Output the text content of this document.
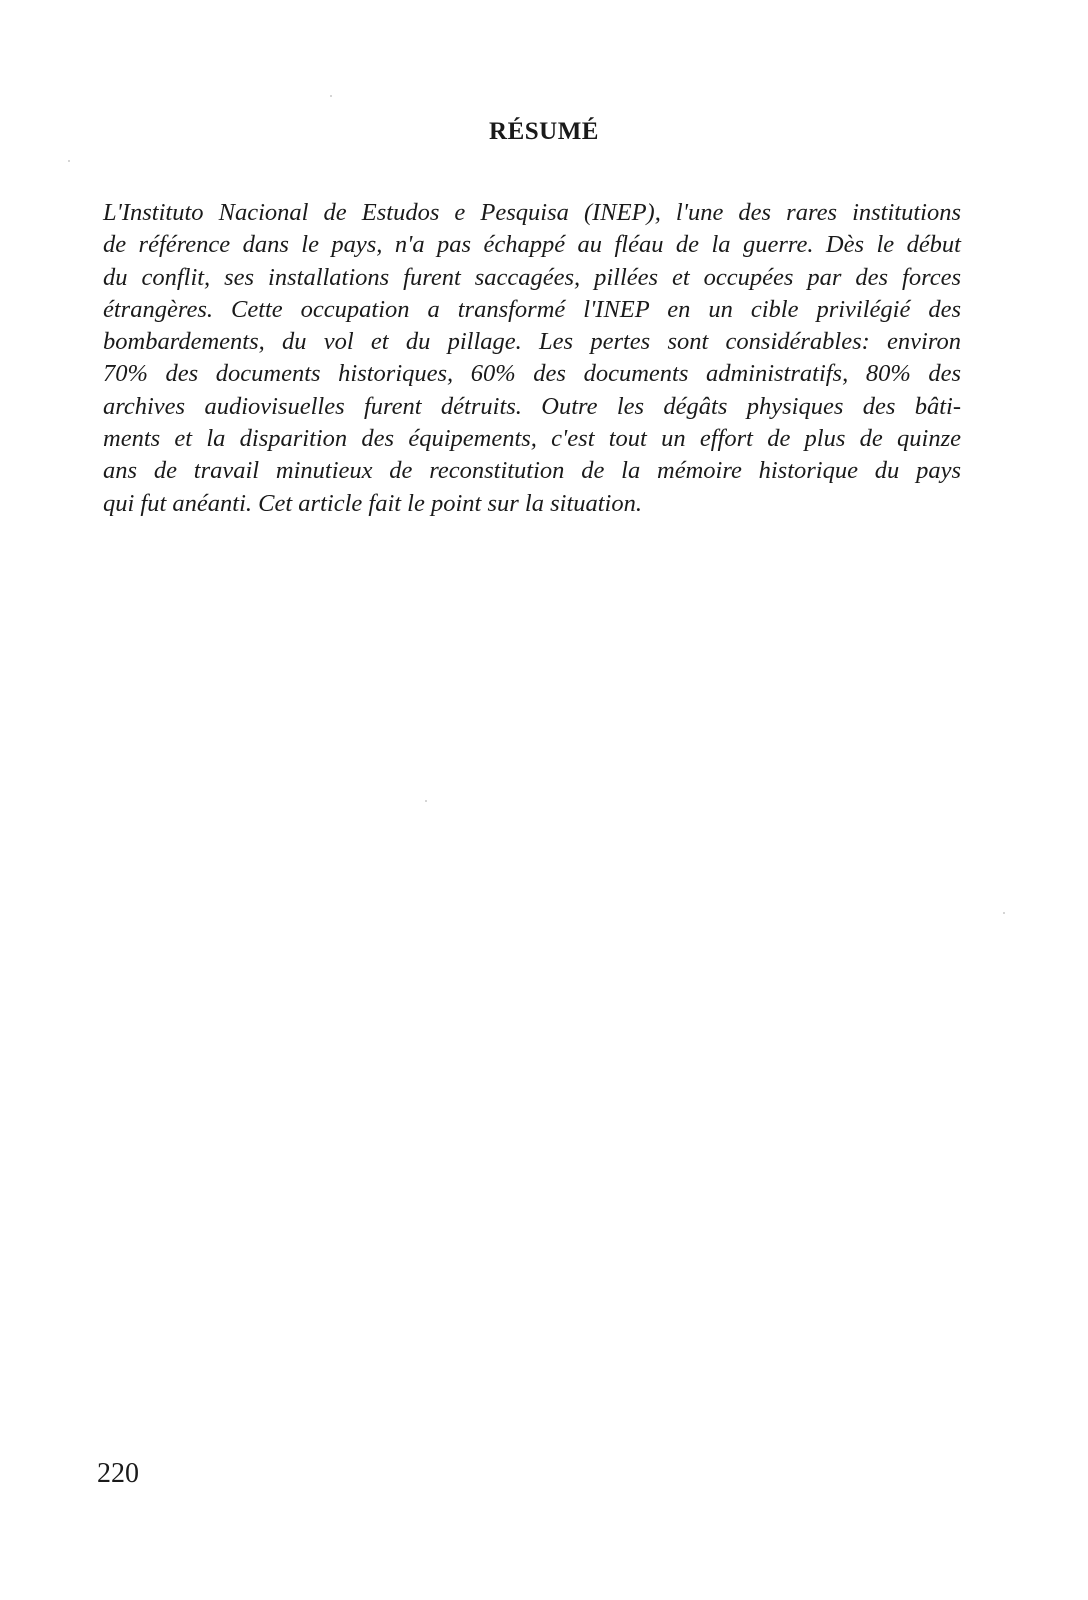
RÉSUMÉ
L'Instituto Nacional de Estudos e Pesquisa (INEP), l'une des rares institutions
de référence dans le pays, n'a pas échappé au fléau de la guerre. Dès le début
du conflit, ses installations furent saccagées, pillées et occupées par des forces
étrangères. Cette occupation a transformé l'INEP en un cible privilégié des
bombardements, du vol et du pillage. Les pertes sont considérables: environ
70% des documents historiques, 60% des documents administratifs, 80% des
archives audiovisuelles furent détruits. Outre les dégâts physiques des bâti-
ments et la disparition des équipements, c'est tout un effort de plus de quinze
ans de travail minutieux de reconstitution de la mémoire historique du pays
qui fut anéanti. Cet article fait le point sur la situation.
220
